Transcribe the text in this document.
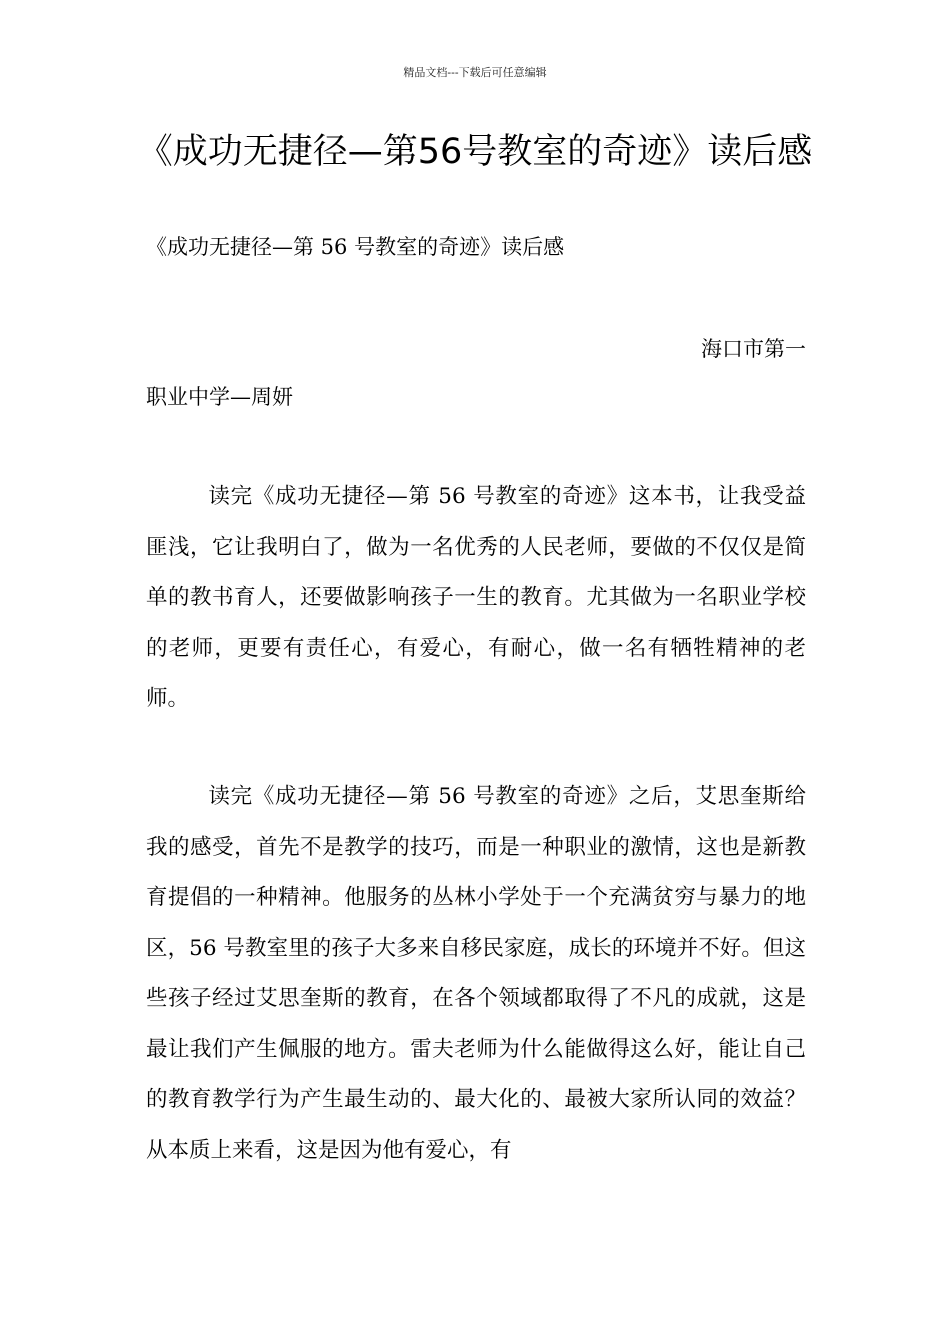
精品文档---下载后可任意编辑
《成功无捷径—第56号教室的奇迹》读后感
《成功无捷径—第 56 号教室的奇迹》读后感
海口市第一
职业中学—周妍

读完《成功无捷径—第 56 号教室的奇迹》这本书，让我受益匪浅，它让我明白了，做为一名优秀的人民老师，要做的不仅仅是简单的教书育人，还要做影响孩子一生的教育。尤其做为一名职业学校的老师，更要有责任心，有爱心，有耐心，做一名有牺牲精神的老师。

读完《成功无捷径—第 56 号教室的奇迹》之后，艾思奎斯给我的感受，首先不是教学的技巧，而是一种职业的激情，这也是新教育提倡的一种精神。他服务的丛林小学处于一个充满贫穷与暴力的地区，56 号教室里的孩子大多来自移民家庭，成长的环境并不好。但这些孩子经过艾思奎斯的教育，在各个领域都取得了不凡的成就，这是最让我们产生佩服的地方。雷夫老师为什么能做得这么好，能让自己的教育教学行为产生最生动的、最大化的、最被大家所认同的效益？从本质上来看，这是因为他有爱心，有
